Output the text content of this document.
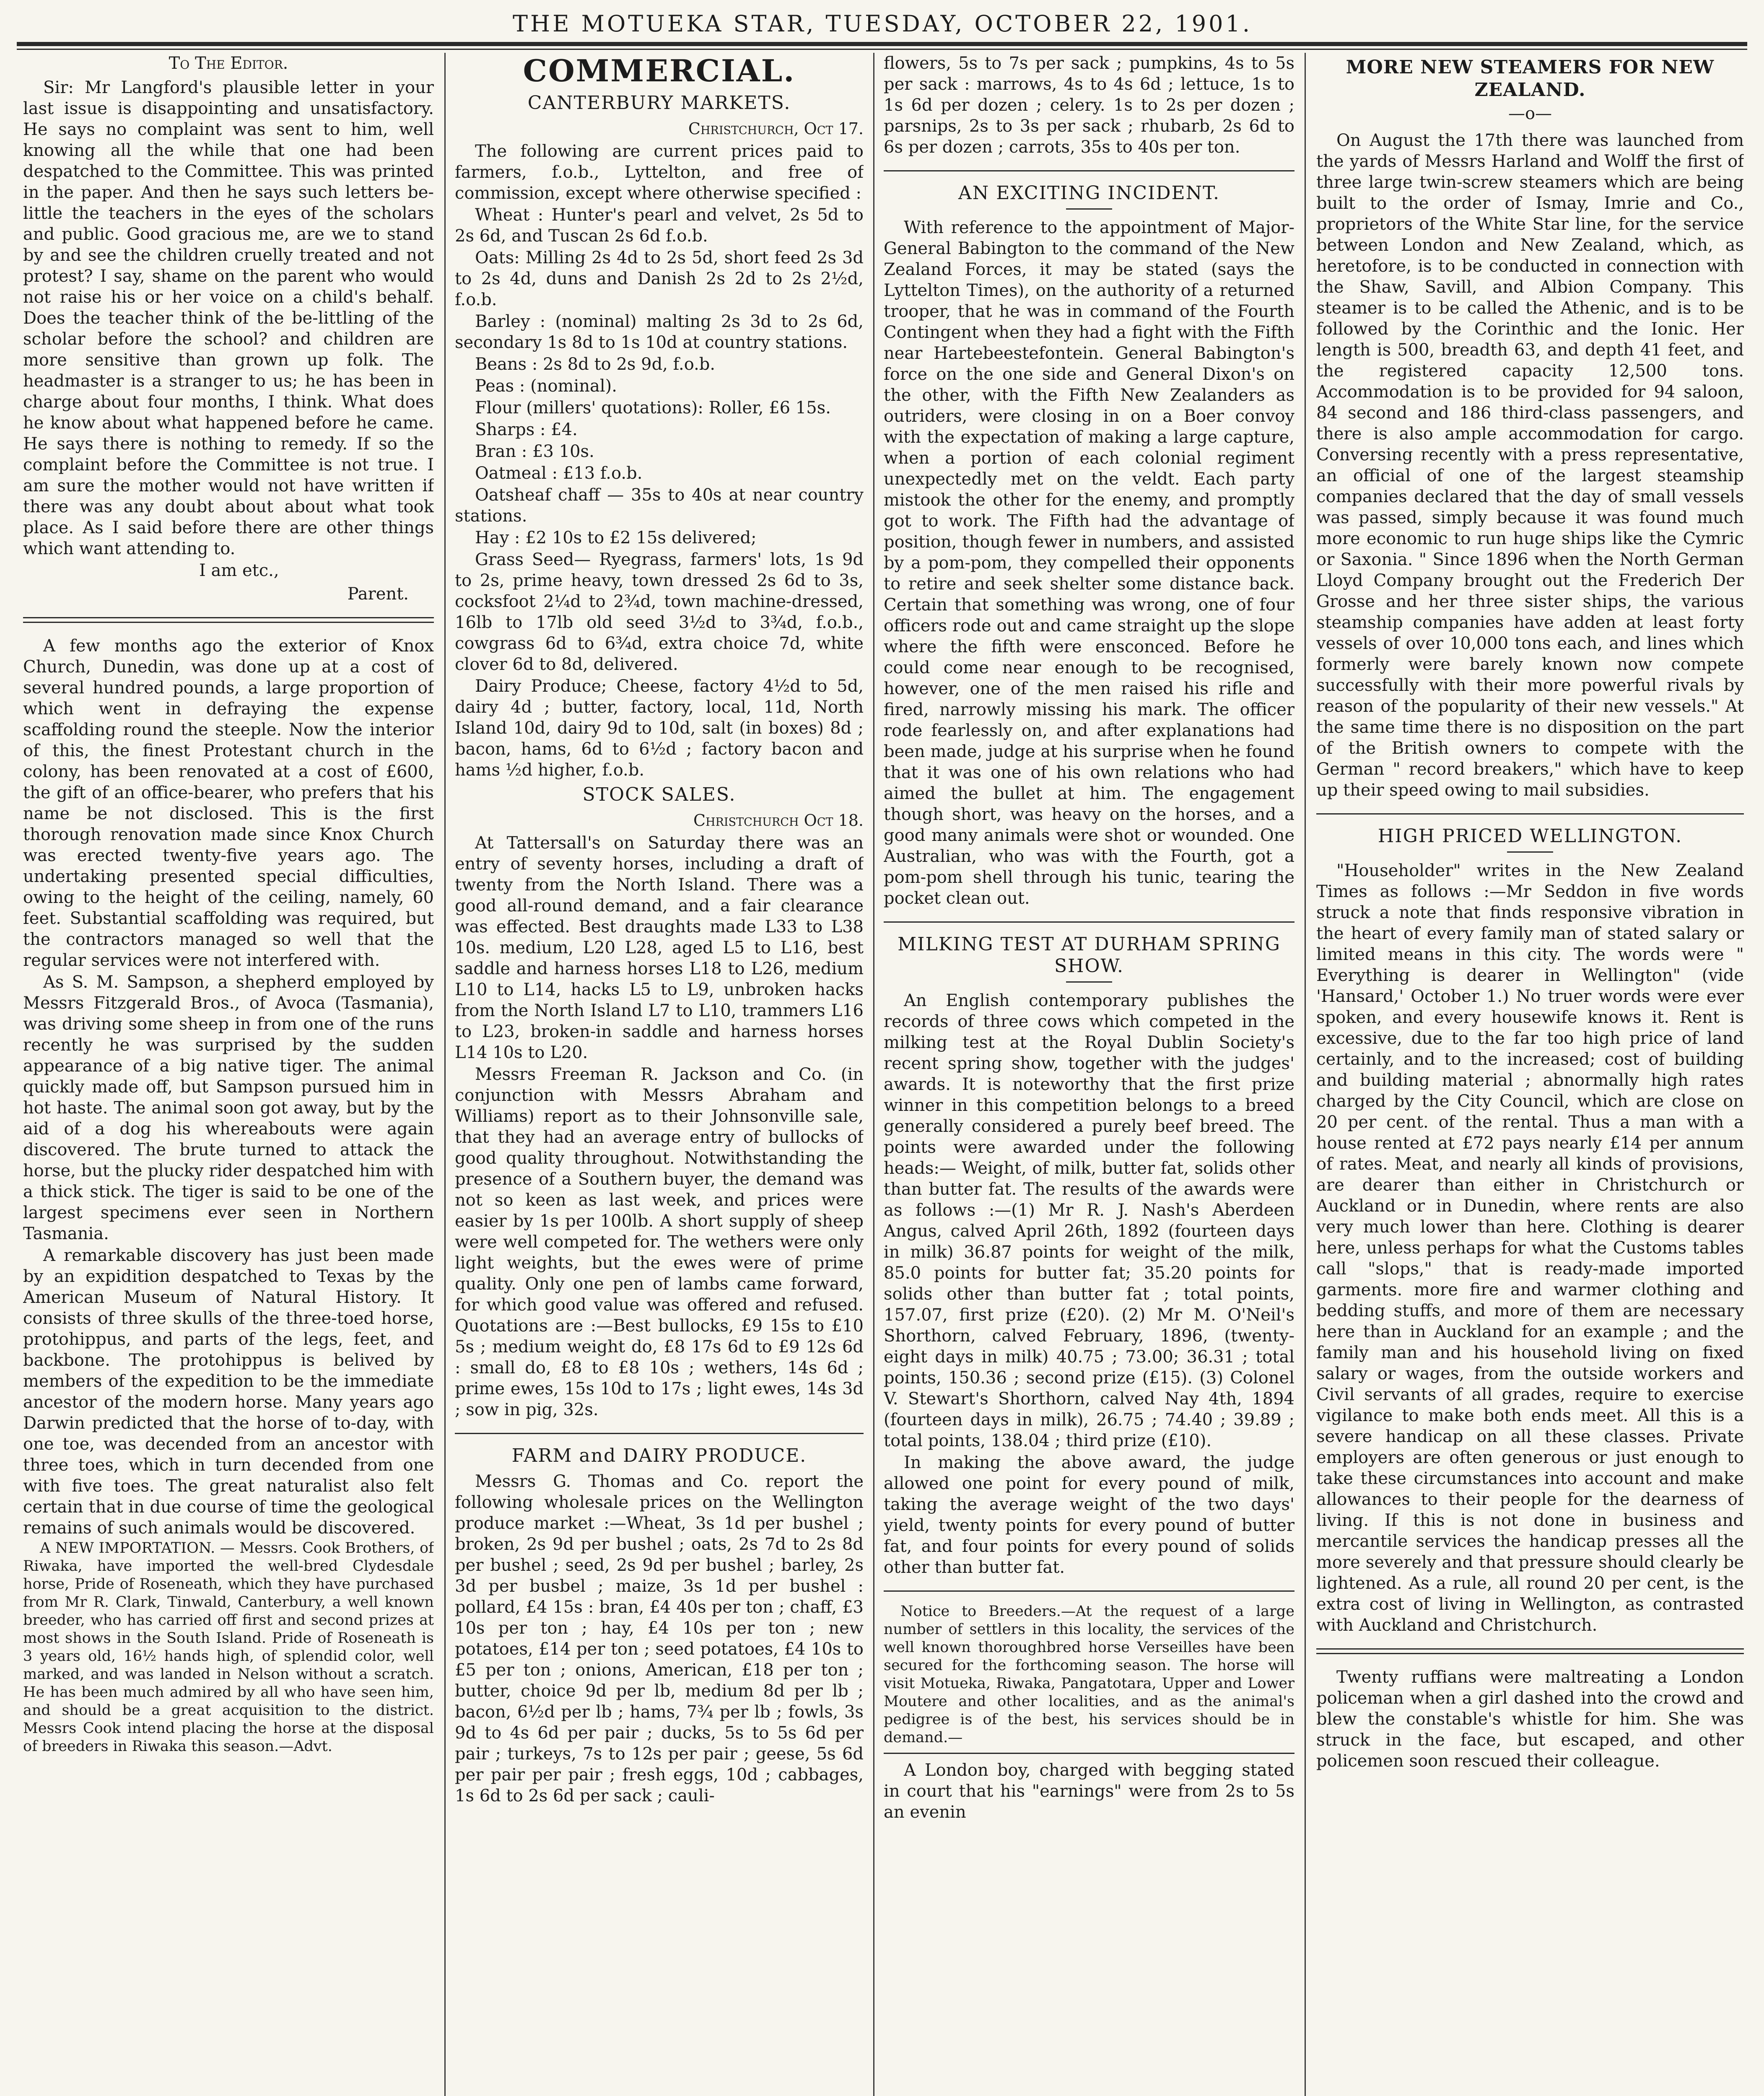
THE MOTUEKA STAR, TUESDAY, OCTOBER 22, 1901.
To The Editor.

Sir: Mr Langford's plausible letter in your last issue is disappointing and unsatisfactory. He says no complaint was sent to him, well knowing all the while that one had been despatched to the Committee. This was printed in the paper. And then he says such letters be-little the teachers in the eyes of the scholars and public. Good gracious me, are we to stand by and see the children cruelly treated and not protest? I say, shame on the parent who would not raise his or her voice on a child's behalf. Does the teacher think of the be-littling of the scholar before the school? and children are more sensitive than grown up folk. The headmaster is a stranger to us; he has been in charge about four months, I think. What does he know about what happened before he came. He says there is nothing to remedy. If so the complaint before the Committee is not true. I am sure the mother would not have written if there was any doubt about about what took place. As I said before there are other things which want attending to.

I am etc.,
Parent.

A few months ago the exterior of Knox Church, Dunedin, was done up at a cost of several hundred pounds, a large proportion of which went in defraying the expense scaffolding round the steeple. Now the interior of this, the finest Protestant church in the colony, has been renovated at a cost of £600, the gift of an office-bearer, who prefers that his name be not disclosed. This is the first thorough renovation made since Knox Church was erected twenty-five years ago. The undertaking presented special difficulties, owing to the height of the ceiling, namely, 60 feet. Substantial scaffolding was required, but the contractors managed so well that the regular services were not interfered with.

As S. M. Sampson, a shepherd employed by Messrs Fitzgerald Bros., of Avoca (Tasmania), was driving some sheep in from one of the runs recently he was surprised by the sudden appearance of a big native tiger. The animal quickly made off, but Sampson pursued him in hot haste. The animal soon got away, but by the aid of a dog his whereabouts were again discovered. The brute turned to attack the horse, but the plucky rider despatched him with a thick stick. The tiger is said to be one of the largest specimens ever seen in Northern Tasmania.

A remarkable discovery has just been made by an expidition despatched to Texas by the American Museum of Natural History. It consists of three skulls of the three-toed horse, protohippus, and parts of the legs, feet, and backbone. The protohippus is belived by members of the expedition to be the immediate ancestor of the modern horse. Many years ago Darwin predicted that the horse of to-day, with one toe, was decended from an ancestor with three toes, which in turn decended from one with five toes. The great naturalist also felt certain that in due course of time the geological remains of such animals would be discovered.

A NEW IMPORTATION. — Messrs. Cook Brothers, of Riwaka, have imported the well-bred Clydesdale horse, Pride of Roseneath, which they have purchased from Mr R. Clark, Tinwald, Canterbury, a well known breeder, who has carried off first and second prizes at most shows in the South Island. Pride of Roseneath is 3 years old, 16½ hands high, of splendid color, well marked, and was landed in Nelson without a scratch. He has been much admired by all who have seen him, and should be a great acquisition to the district. Messrs Cook intend placing the horse at the disposal of breeders in Riwaka this season.—Advt.

COMMERCIAL.
CANTERBURY MARKETS.
Christchurch, Oct 17.

The following are current prices paid to farmers, f.o.b., Lyttelton, and free of commission, except where otherwise specified :

Wheat : Hunter's pearl and velvet, 2s 5d to 2s 6d, and Tuscan 2s 6d f.o.b.

Oats: Milling 2s 4d to 2s 5d, short feed 2s 3d to 2s 4d, duns and Danish 2s 2d to 2s 2½d, f.o.b.

Barley : (nominal) malting 2s 3d to 2s 6d, secondary 1s 8d to 1s 10d at country stations.

Beans : 2s 8d to 2s 9d, f.o.b.

Peas : (nominal).

Flour (millers' quotations): Roller, £6 15s.

Sharps : £4.

Bran : £3 10s.

Oatmeal : £13 f.o.b.

Oatsheaf chaff — 35s to 40s at near country stations.

Hay : £2 10s to £2 15s delivered;

Grass Seed— Ryegrass, farmers' lots, 1s 9d to 2s, prime heavy, town dressed 2s 6d to 3s, cocksfoot 2¼d to 2¾d, town machine-dressed, 16lb to 17lb old seed 3½d to 3¾d, f.o.b., cowgrass 6d to 6¾d, extra choice 7d, white clover 6d to 8d, delivered.

Dairy Produce; Cheese, factory 4½d to 5d, dairy 4d ; butter, factory, local, 11d, North Island 10d, dairy 9d to 10d, salt (in boxes) 8d ; bacon, hams, 6d to 6½d ; factory bacon and hams ½d higher, f.o.b.

STOCK SALES.
Christchurch Oct 18.

At Tattersall's on Saturday there was an entry of seventy horses, including a draft of twenty from the North Island. There was a good all-round demand, and a fair clearance was effected. Best draughts made L33 to L38 10s. medium, L20 L28, aged L5 to L16, best saddle and harness horses L18 to L26, medium L10 to L14, hacks L5 to L9, unbroken hacks from the North Island L7 to L10, trammers L16 to L23, broken-in saddle and harness horses L14 10s to L20.

Messrs Freeman R. Jackson and Co. (in conjunction with Messrs Abraham and Williams) report as to their Johnsonville sale, that they had an average entry of bullocks of good quality throughout. Notwithstanding the presence of a Southern buyer, the demand was not so keen as last week, and prices were easier by 1s per 100lb. A short supply of sheep were well competed for. The wethers were only light weights, but the ewes were of prime quality. Only one pen of lambs came forward, for which good value was offered and refused. Quotations are :—Best bullocks, £9 15s to £10 5s ; medium weight do, £8 17s 6d to £9 12s 6d : small do, £8 to £8 10s ; wethers, 14s 6d ; prime ewes, 15s 10d to 17s ; light ewes, 14s 3d ; sow in pig, 32s.

FARM and DAIRY PRODUCE.

Messrs G. Thomas and Co. report the following wholesale prices on the Wellington produce market :—Wheat, 3s 1d per bushel ; broken, 2s 9d per bushel ; oats, 2s 7d to 2s 8d per bushel ; seed, 2s 9d per bushel ; barley, 2s 3d per busbel ; maize, 3s 1d per bushel : pollard, £4 15s : bran, £4 40s per ton ; chaff, £3 10s per ton ; hay, £4 10s per ton ; new potatoes, £14 per ton ; seed potatoes, £4 10s to £5 per ton ; onions, American, £18 per ton ; butter, choice 9d per lb, medium 8d per lb ; bacon, 6½d per lb ; hams, 7¾ per lb ; fowls, 3s 9d to 4s 6d per pair ; ducks, 5s to 5s 6d per pair ; turkeys, 7s to 12s per pair ; geese, 5s 6d per pair per pair ; fresh eggs, 10d ; cabbages, 1s 6d to 2s 6d per sack ; cauli-

flowers, 5s to 7s per sack ; pumpkins, 4s to 5s per sack : marrows, 4s to 4s 6d ; lettuce, 1s to 1s 6d per dozen ; celery. 1s to 2s per dozen ; parsnips, 2s to 3s per sack ; rhubarb, 2s 6d to 6s per dozen ; carrots, 35s to 40s per ton.

AN EXCITING INCIDENT.

With reference to the appointment of Major-General Babington to the command of the New Zealand Forces, it may be stated (says the Lyttelton Times), on the authority of a returned trooper, that he was in command of the Fourth Contingent when they had a fight with the Fifth near Hartebeestefontein. General Babington's force on the one side and General Dixon's on the other, with the Fifth New Zealanders as outriders, were closing in on a Boer convoy with the expectation of making a large capture, when a portion of each colonial regiment unexpectedly met on the veldt. Each party mistook the other for the enemy, and promptly got to work. The Fifth had the advantage of position, though fewer in numbers, and assisted by a pom-pom, they compelled their opponents to retire and seek shelter some distance back. Certain that something was wrong, one of four officers rode out and came straight up the slope where the fifth were ensconced. Before he could come near enough to be recognised, however, one of the men raised his rifle and fired, narrowly missing his mark. The officer rode fearlessly on, and after explanations had been made, judge at his surprise when he found that it was one of his own relations who had aimed the bullet at him. The engagement though short, was heavy on the horses, and a good many animals were shot or wounded. One Australian, who was with the Fourth, got a pom-pom shell through his tunic, tearing the pocket clean out.

MILKING TEST AT DURHAM SPRING SHOW.

An English contemporary publishes the records of three cows which competed in the milking test at the Royal Dublin Society's recent spring show, together with the judges' awards. It is noteworthy that the first prize winner in this competition belongs to a breed generally considered a purely beef breed. The points were awarded under the following heads:— Weight, of milk, butter fat, solids other than butter fat. The results of the awards were as follows :—(1) Mr R. J. Nash's Aberdeen Angus, calved April 26th, 1892 (fourteen days in milk) 36.87 points for weight of the milk, 85.0 points for butter fat; 35.20 points for solids other than butter fat ; total points, 157.07, first prize (£20). (2) Mr M. O'Neil's Shorthorn, calved February, 1896, (twenty-eight days in milk) 40.75 ; 73.00; 36.31 ; total points, 150.36 ; second prize (£15). (3) Colonel V. Stewart's Shorthorn, calved Nay 4th, 1894 (fourteen days in milk), 26.75 ; 74.40 ; 39.89 ; total points, 138.04 ; third prize (£10).

In making the above award, the judge allowed one point for every pound of milk, taking the average weight of the two days' yield, twenty points for every pound of butter fat, and four points for every pound of solids other than butter fat.

Notice to Breeders.—At the request of a large number of settlers in this locality, the services of the well known thoroughbred horse Verseilles have been secured for the forthcoming season. The horse will visit Motueka, Riwaka, Pangatotara, Upper and Lower Moutere and other localities, and as the animal's pedigree is of the best, his services should be in demand.—

A London boy, charged with begging stated in court that his "earnings" were from 2s to 5s an evenin

MORE NEW STEAMERS FOR NEW ZEALAND.
—o—

On August the 17th there was launched from the yards of Messrs Harland and Wolff the first of three large twin-screw steamers which are being built to the order of Ismay, Imrie and Co., proprietors of the White Star line, for the service between London and New Zealand, which, as heretofore, is to be conducted in connection with the Shaw, Savill, and Albion Company. This steamer is to be called the Athenic, and is to be followed by the Corinthic and the Ionic. Her length is 500, breadth 63, and depth 41 feet, and the registered capacity 12,500 tons. Accommodation is to be provided for 94 saloon, 84 second and 186 third-class passengers, and there is also ample accommodation for cargo. Conversing recently with a press representative, an official of one of the largest steamship companies declared that the day of small vessels was passed, simply because it was found much more economic to run huge ships like the Cymric or Saxonia. " Since 1896 when the North German Lloyd Company brought out the Frederich Der Grosse and her three sister ships, the various steamship companies have adden at least forty vessels of over 10,000 tons each, and lines which formerly were barely known now compete successfully with their more powerful rivals by reason of the popularity of their new vessels." At the same time there is no disposition on the part of the British owners to compete with the German " record breakers," which have to keep up their speed owing to mail subsidies.

HIGH PRICED WELLINGTON.

"Householder" writes in the New Zealand Times as follows :—Mr Seddon in five words struck a note that finds responsive vibration in the heart of every family man of stated salary or limited means in this city. The words were " Everything is dearer in Wellington" (vide 'Hansard,' October 1.) No truer words were ever spoken, and every housewife knows it. Rent is excessive, due to the far too high price of land certainly, and to the increased; cost of building and building material ; abnormally high rates charged by the City Council, which are close on 20 per cent. of the rental. Thus a man with a house rented at £72 pays nearly £14 per annum of rates. Meat, and nearly all kinds of provisions, are dearer than either in Christchurch or Auckland or in Dunedin, where rents are also very much lower than here. Clothing is dearer here, unless perhaps for what the Customs tables call "slops," that is ready-made imported garments. more fire and warmer clothing and bedding stuffs, and more of them are necessary here than in Auckland for an example ; and the family man and his household living on fixed salary or wages, from the outside workers and Civil servants of all grades, require to exercise vigilance to make both ends meet. All this is a severe handicap on all these classes. Private employers are often generous or just enough to take these circumstances into account and make allowances to their people for the dearness of living. If this is not done in business and mercantile services the handicap presses all the more severely and that pressure should clearly be lightened. As a rule, all round 20 per cent, is the extra cost of living in Wellington, as contrasted with Auckland and Christchurch.

Twenty ruffians were maltreating a London policeman when a girl dashed into the crowd and blew the constable's whistle for him. She was struck in the face, but escaped, and other policemen soon rescued their colleague.
